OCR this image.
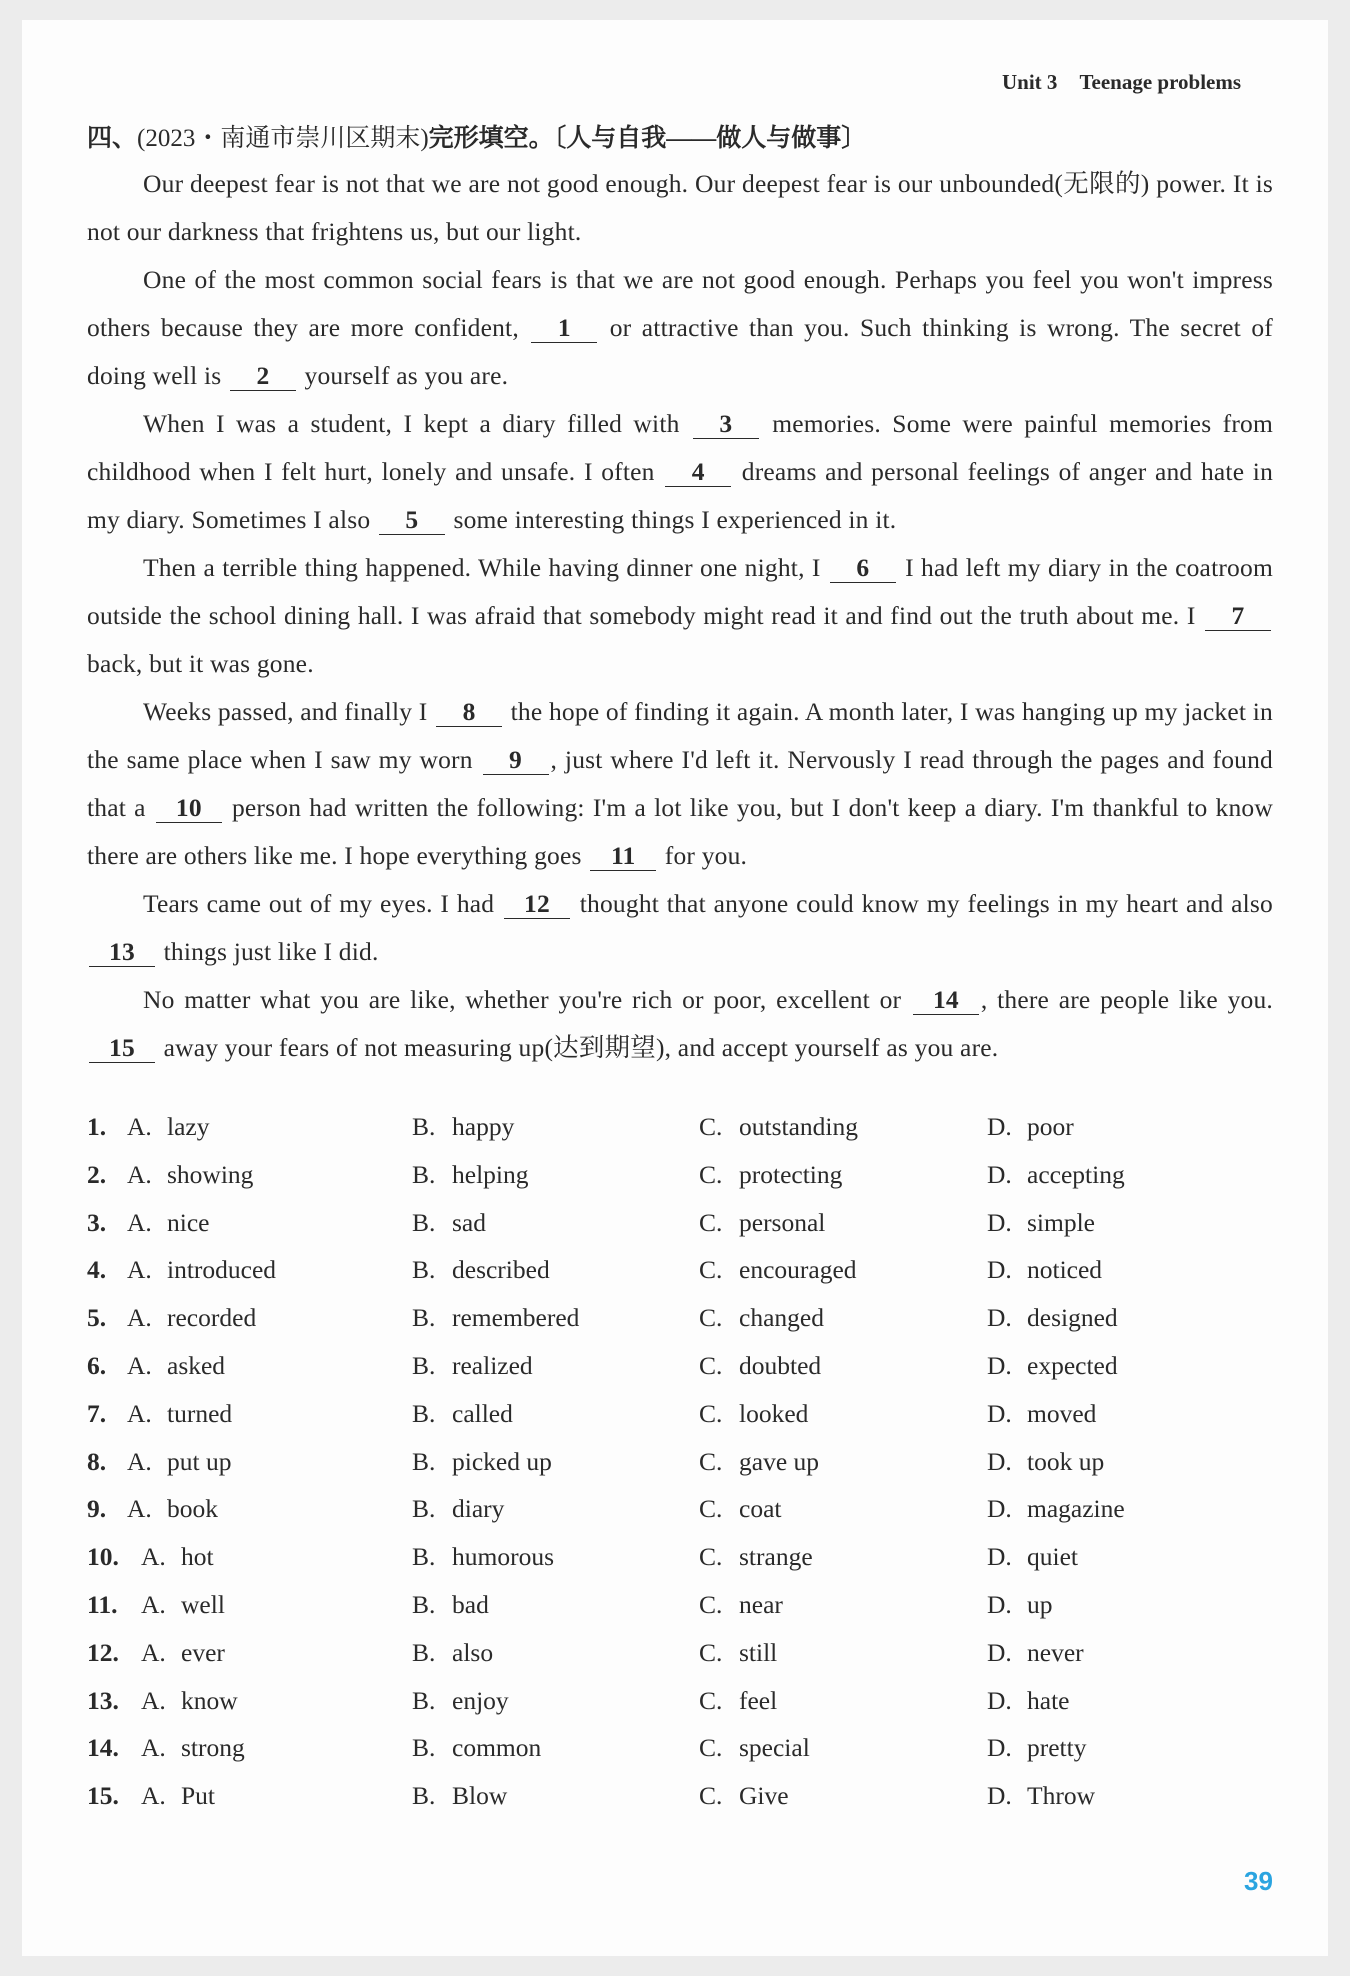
Unit 3 Teenage problems
四、(2023・南通市崇川区期末)完形填空。〔人与自我——做人与做事〕

Our deepest fear is not that we are not good enough. Our deepest fear is our unbounded(无限的) power. It is not our darkness that frightens us, but our light.

One of the most common social fears is that we are not good enough. Perhaps you feel you won't impress others because they are more confident, 1 or attractive than you. Such thinking is wrong. The secret of doing well is 2 yourself as you are.

When I was a student, I kept a diary filled with 3 memories. Some were painful memories from childhood when I felt hurt, lonely and unsafe. I often 4 dreams and personal feelings of anger and hate in my diary. Sometimes I also 5 some interesting things I experienced in it.

Then a terrible thing happened. While having dinner one night, I 6 I had left my diary in the coatroom outside the school dining hall. I was afraid that somebody might read it and find out the truth about me. I 7 back, but it was gone.

Weeks passed, and finally I 8 the hope of finding it again. A month later, I was hanging up my jacket in the same place when I saw my worn 9 , just where I'd left it. Nervously I read through the pages and found that a 10 person had written the following: I'm a lot like you, but I don't keep a diary. I'm thankful to know there are others like me. I hope everything goes 11 for you.

Tears came out of my eyes. I had 12 thought that anyone could know my feelings in my heart and also 13 things just like I did.

No matter what you are like, whether you're rich or poor, excellent or 14 , there are people like you. 15 away your fears of not measuring up(达到期望), and accept yourself as you are.

1. A. lazy	B. happy	C. outstanding	D. poor
2. A. showing	B. helping	C. protecting	D. accepting
3. A. nice	B. sad	C. personal	D. simple
4. A. introduced	B. described	C. encouraged	D. noticed
5. A. recorded	B. remembered	C. changed	D. designed
6. A. asked	B. realized	C. doubted	D. expected
7. A. turned	B. called	C. looked	D. moved
8. A. put up	B. picked up	C. gave up	D. took up
9. A. book	B. diary	C. coat	D. magazine
10. A. hot	B. humorous	C. strange	D. quiet
11. A. well	B. bad	C. near	D. up
12. A. ever	B. also	C. still	D. never
13. A. know	B. enjoy	C. feel	D. hate
14. A. strong	B. common	C. special	D. pretty
15. A. Put	B. Blow	C. Give	D. Throw
39
